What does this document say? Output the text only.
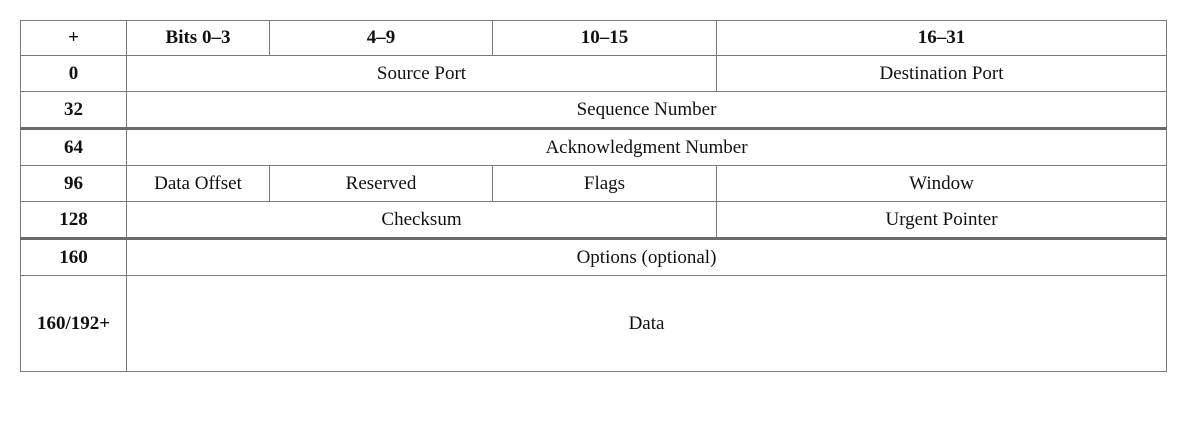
+	Bits 0–3	4–9	10–15	16–31
0	Source Port			Destination Port
32	Sequence Number			
64	Acknowledgment Number			
96	Data Offset	Reserved	Flags	Window
128	Checksum			Urgent Pointer
160	Options (optional)			
160/192+	Data			
